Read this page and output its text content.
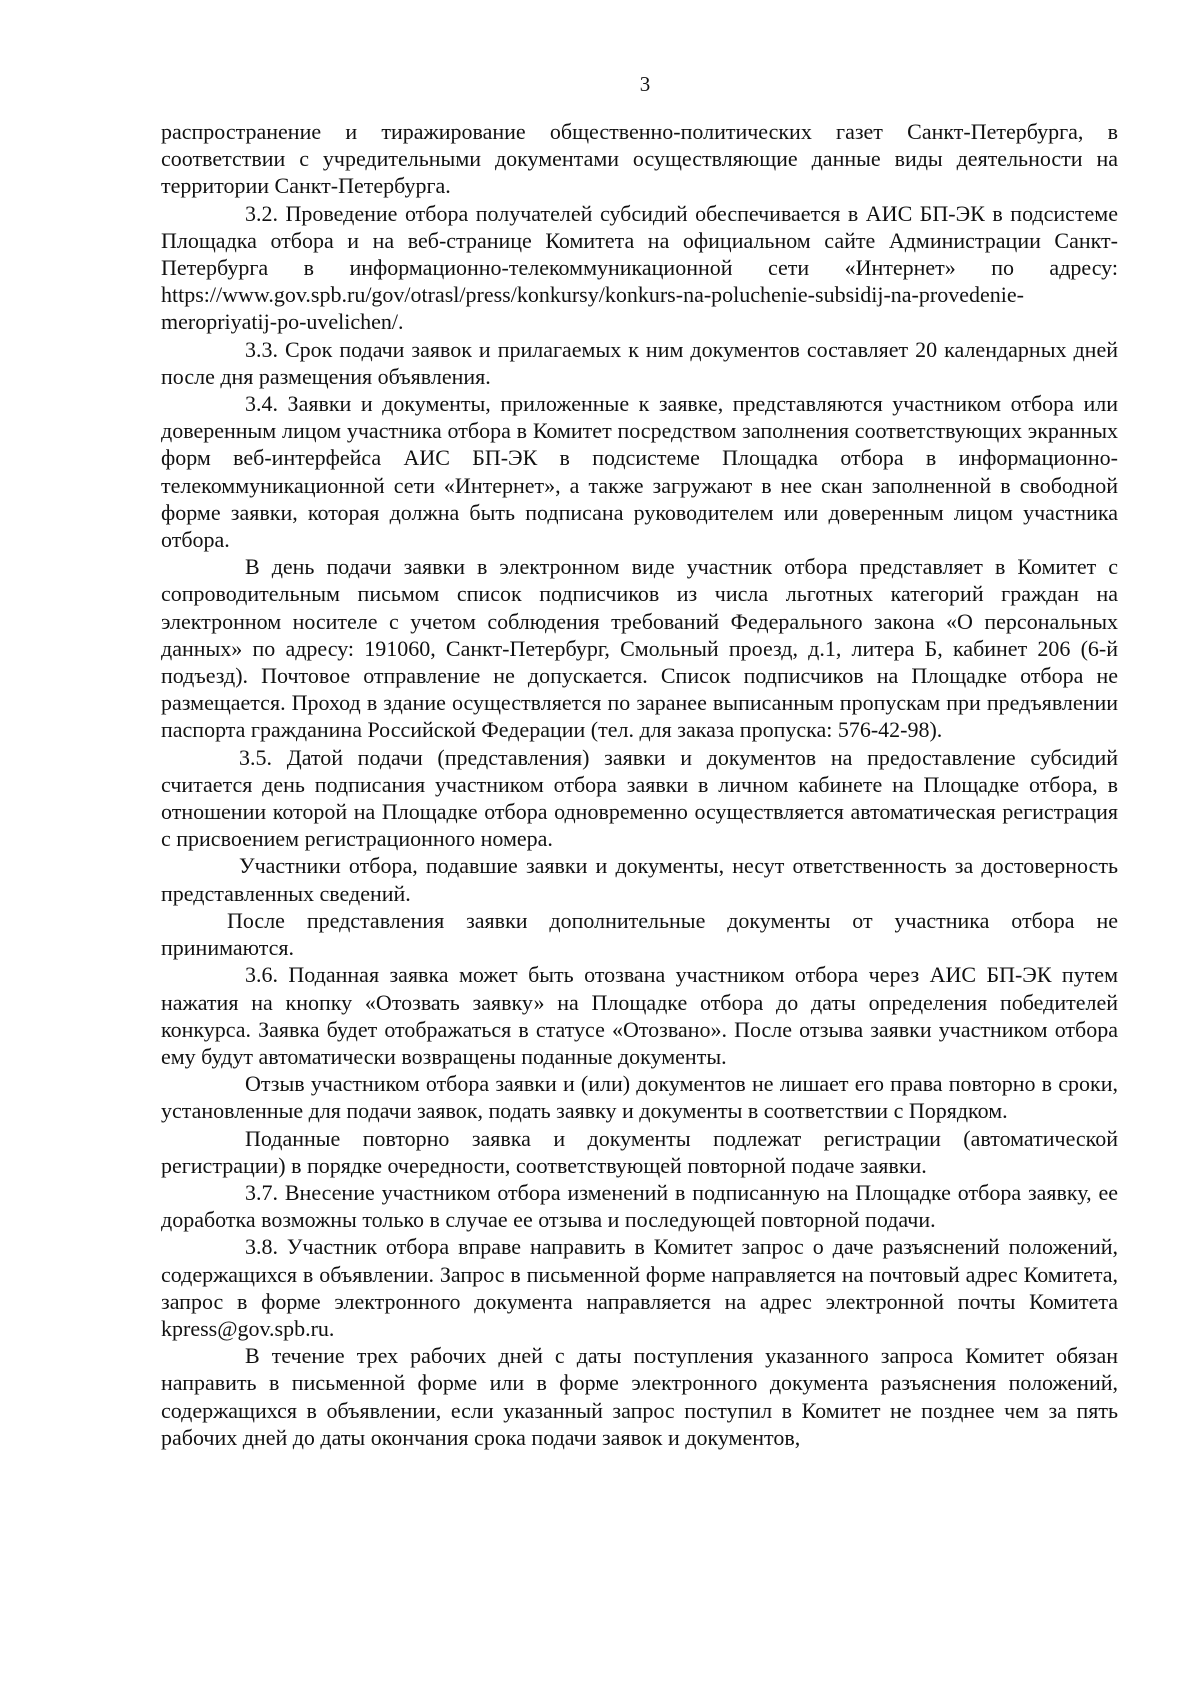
3

распространение и тиражирование общественно-политических газет Санкт-Петербурга, в соответствии с учредительными документами осуществляющие данные виды деятельности на территории Санкт-Петербурга.

3.2. Проведение отбора получателей субсидий обеспечивается в АИС БП-ЭК в подсистеме Площадка отбора и на веб-странице Комитета на официальном сайте Администрации Санкт-Петербурга в информационно-телекоммуникационной сети «Интернет» по адресу: https://www.gov.spb.ru/gov/otrasl/press/konkursy/konkurs-na-poluchenie-subsidij-na-provedenie-meropriyatij-po-uvelichen/.

3.3. Срок подачи заявок и прилагаемых к ним документов составляет 20 календарных дней после дня размещения объявления.

3.4. Заявки и документы, приложенные к заявке, представляются участником отбора или доверенным лицом участника отбора в Комитет посредством заполнения соответствующих экранных форм веб-интерфейса АИС БП-ЭК в подсистеме Площадка отбора в информационно-телекоммуникационной сети «Интернет», а также загружают в нее скан заполненной в свободной форме заявки, которая должна быть подписана руководителем или доверенным лицом участника отбора.

В день подачи заявки в электронном виде участник отбора представляет в Комитет с сопроводительным письмом список подписчиков из числа льготных категорий граждан на электронном носителе с учетом соблюдения требований Федерального закона «О персональных данных» по адресу: 191060, Санкт-Петербург, Смольный проезд, д.1, литера Б, кабинет 206 (6-й подъезд). Почтовое отправление не допускается. Список подписчиков на Площадке отбора не размещается. Проход в здание осуществляется по заранее выписанным пропускам при предъявлении паспорта гражданина Российской Федерации (тел. для заказа пропуска: 576-42-98).

3.5. Датой подачи (представления) заявки и документов на предоставление субсидий считается день подписания участником отбора заявки в личном кабинете на Площадке отбора, в отношении которой на Площадке отбора одновременно осуществляется автоматическая регистрация с присвоением регистрационного номера.

Участники отбора, подавшие заявки и документы, несут ответственность за достоверность представленных сведений.

После представления заявки дополнительные документы от участника отбора не принимаются.

3.6. Поданная заявка может быть отозвана участником отбора через АИС БП-ЭК путем нажатия на кнопку «Отозвать заявку» на Площадке отбора до даты определения победителей конкурса. Заявка будет отображаться в статусе «Отозвано». После отзыва заявки участником отбора ему будут автоматически возвращены поданные документы.

Отзыв участником отбора заявки и (или) документов не лишает его права повторно в сроки, установленные для подачи заявок, подать заявку и документы в соответствии с Порядком.

Поданные повторно заявка и документы подлежат регистрации (автоматической регистрации) в порядке очередности, соответствующей повторной подаче заявки.

3.7. Внесение участником отбора изменений в подписанную на Площадке отбора заявку, ее доработка возможны только в случае ее отзыва и последующей повторной подачи.

3.8. Участник отбора вправе направить в Комитет запрос о даче разъяснений положений, содержащихся в объявлении. Запрос в письменной форме направляется на почтовый адрес Комитета, запрос в форме электронного документа направляется на адрес электронной почты Комитета kpress@gov.spb.ru.

В течение трех рабочих дней с даты поступления указанного запроса Комитет обязан направить в письменной форме или в форме электронного документа разъяснения положений, содержащихся в объявлении, если указанный запрос поступил в Комитет не позднее чем за пять рабочих дней до даты окончания срока подачи заявок и документов,
